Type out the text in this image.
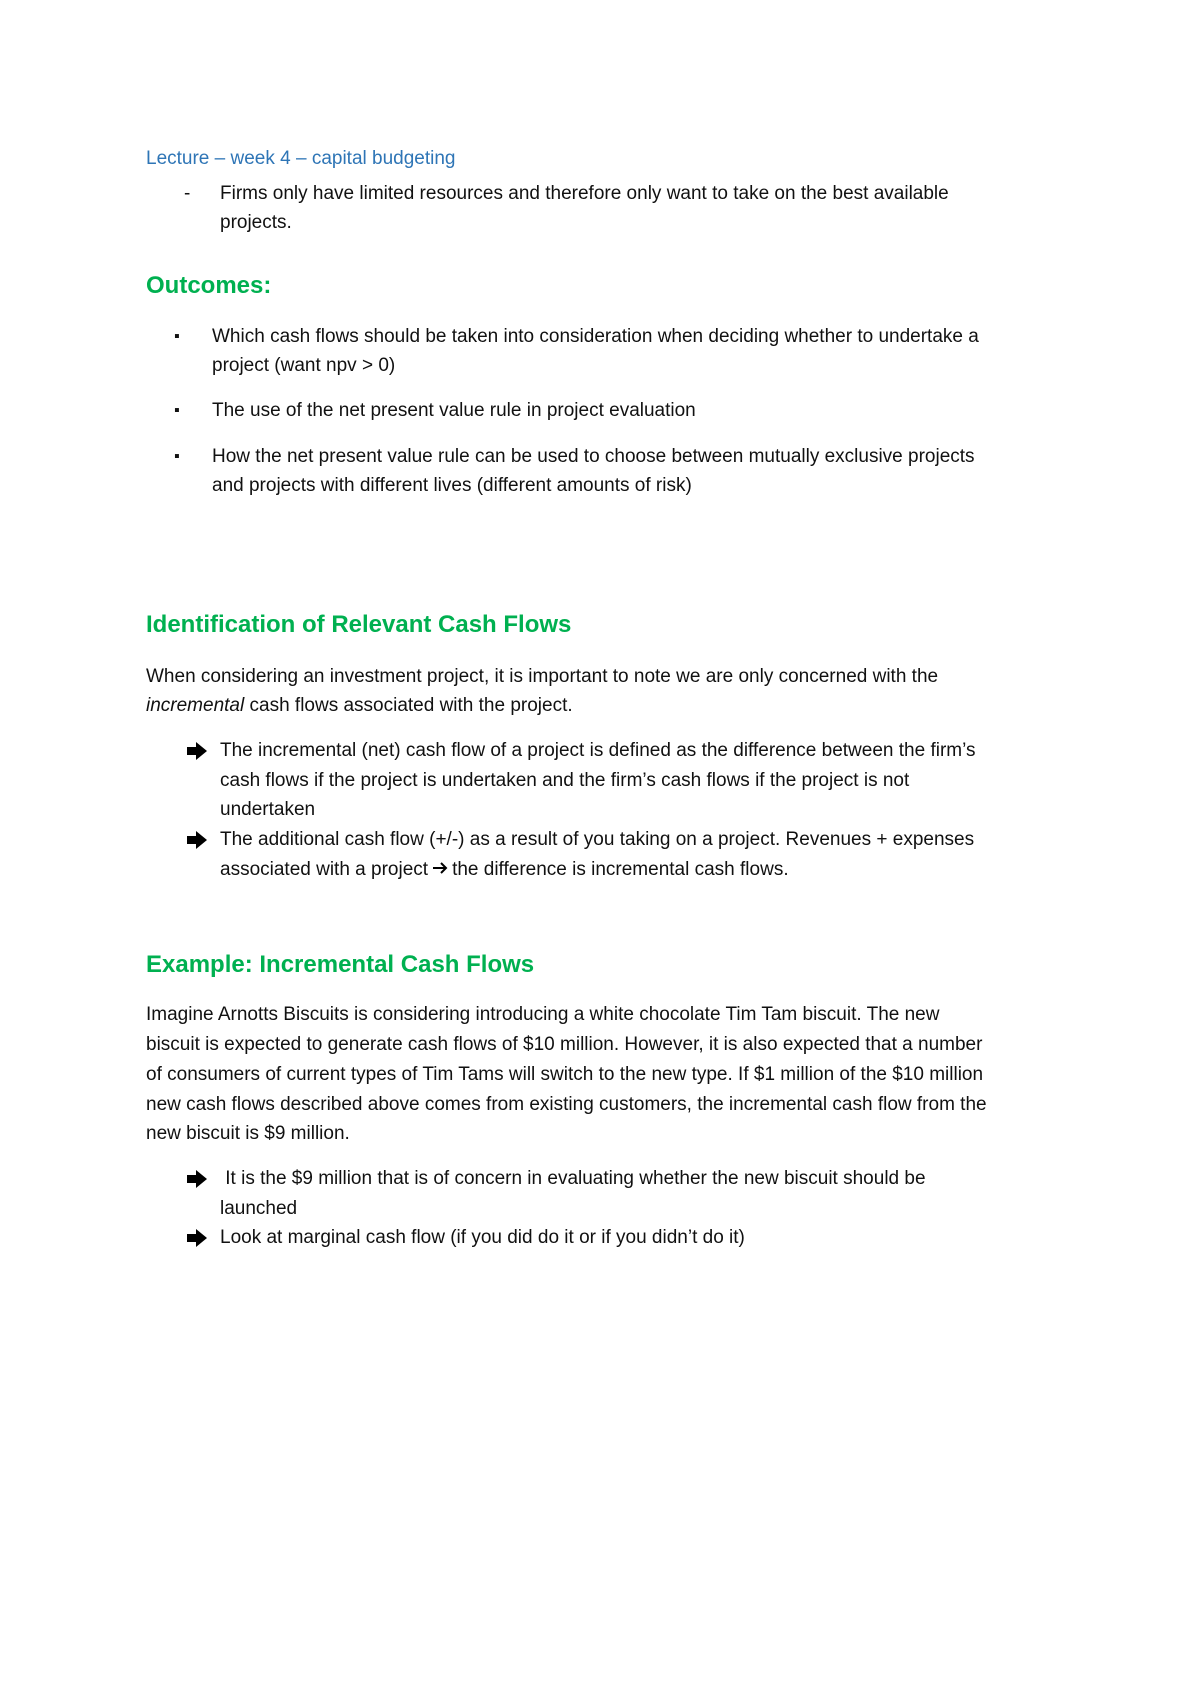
Lecture – week 4 – capital budgeting
- Firms only have limited resources and therefore only want to take on the best available
projects.
Outcomes:
▪ Which cash flows should be taken into consideration when deciding whether to undertake a
project (want npv > 0)
▪ The use of the net present value rule in project evaluation
▪ How the net present value rule can be used to choose between mutually exclusive projects
and projects with different lives (different amounts of risk)
Identification of Relevant Cash Flows
When considering an investment project, it is important to note we are only concerned with the
incremental cash flows associated with the project.
The incremental (net) cash flow of a project is defined as the difference between the firm’s
cash flows if the project is undertaken and the firm’s cash flows if the project is not
undertaken
The additional cash flow (+/-) as a result of you taking on a project. Revenues + expenses
associated with a project the difference is incremental cash flows.
Example: Incremental Cash Flows
Imagine Arnotts Biscuits is considering introducing a white chocolate Tim Tam biscuit. The new
biscuit is expected to generate cash flows of $10 million. However, it is also expected that a number
of consumers of current types of Tim Tams will switch to the new type. If $1 million of the $10 million
new cash flows described above comes from existing customers, the incremental cash flow from the
new biscuit is $9 million.
It is the $9 million that is of concern in evaluating whether the new biscuit should be
launched
Look at marginal cash flow (if you did do it or if you didn’t do it)
